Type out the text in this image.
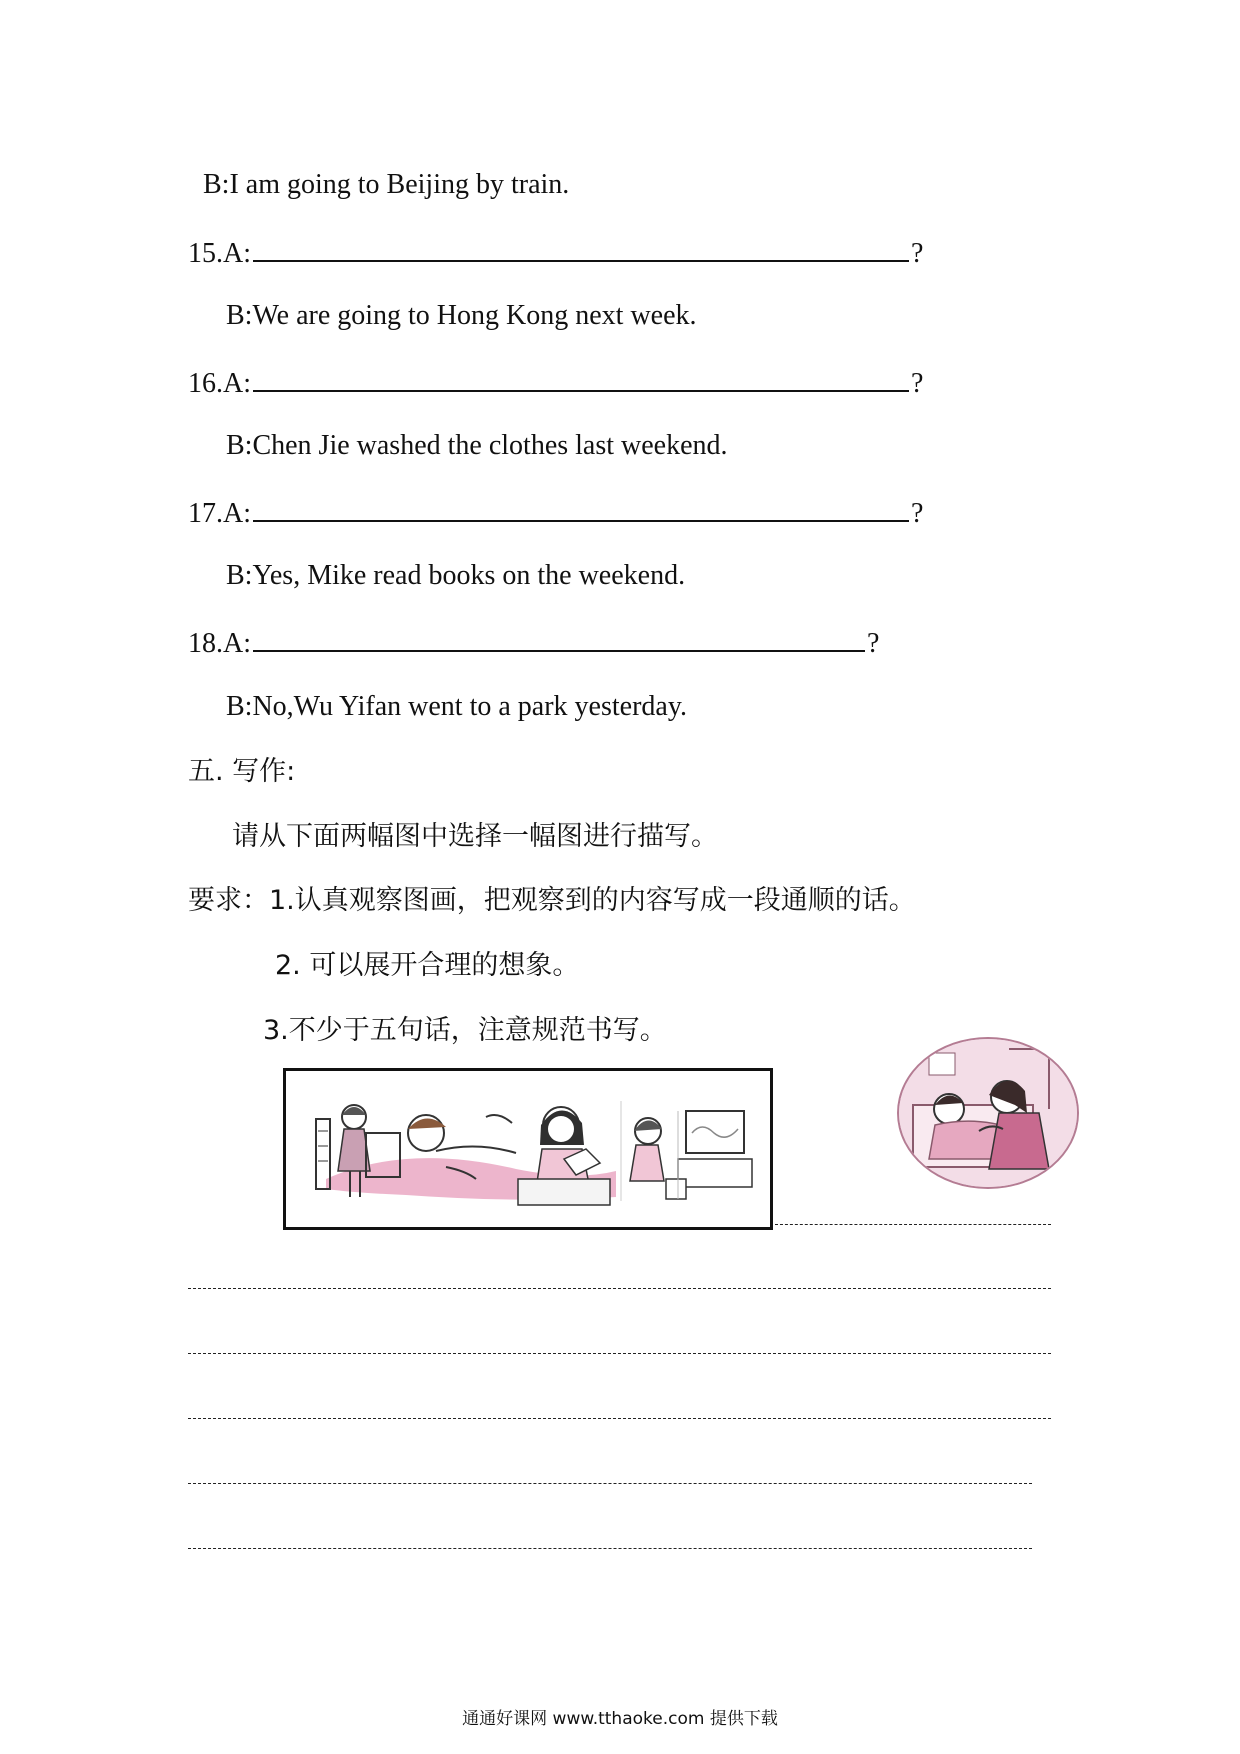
B:I am going to Beijing by train.
15.A:	?
B:We are going to Hong Kong next week.
16.A:	?
B:Chen Jie washed the clothes last weekend.
17.A:	?
B:Yes, Mike read books on the weekend.
18.A:	?
B:No,Wu Yifan went to a park yesterday.
五. 写作:
请从下面两幅图中选择一幅图进行描写。
要求：1.认真观察图画，把观察到的内容写成一段通顺的话。
2. 可以展开合理的想象。
3.不少于五句话，注意规范书写。
通通好课网 www.tthaoke.com 提供下载
